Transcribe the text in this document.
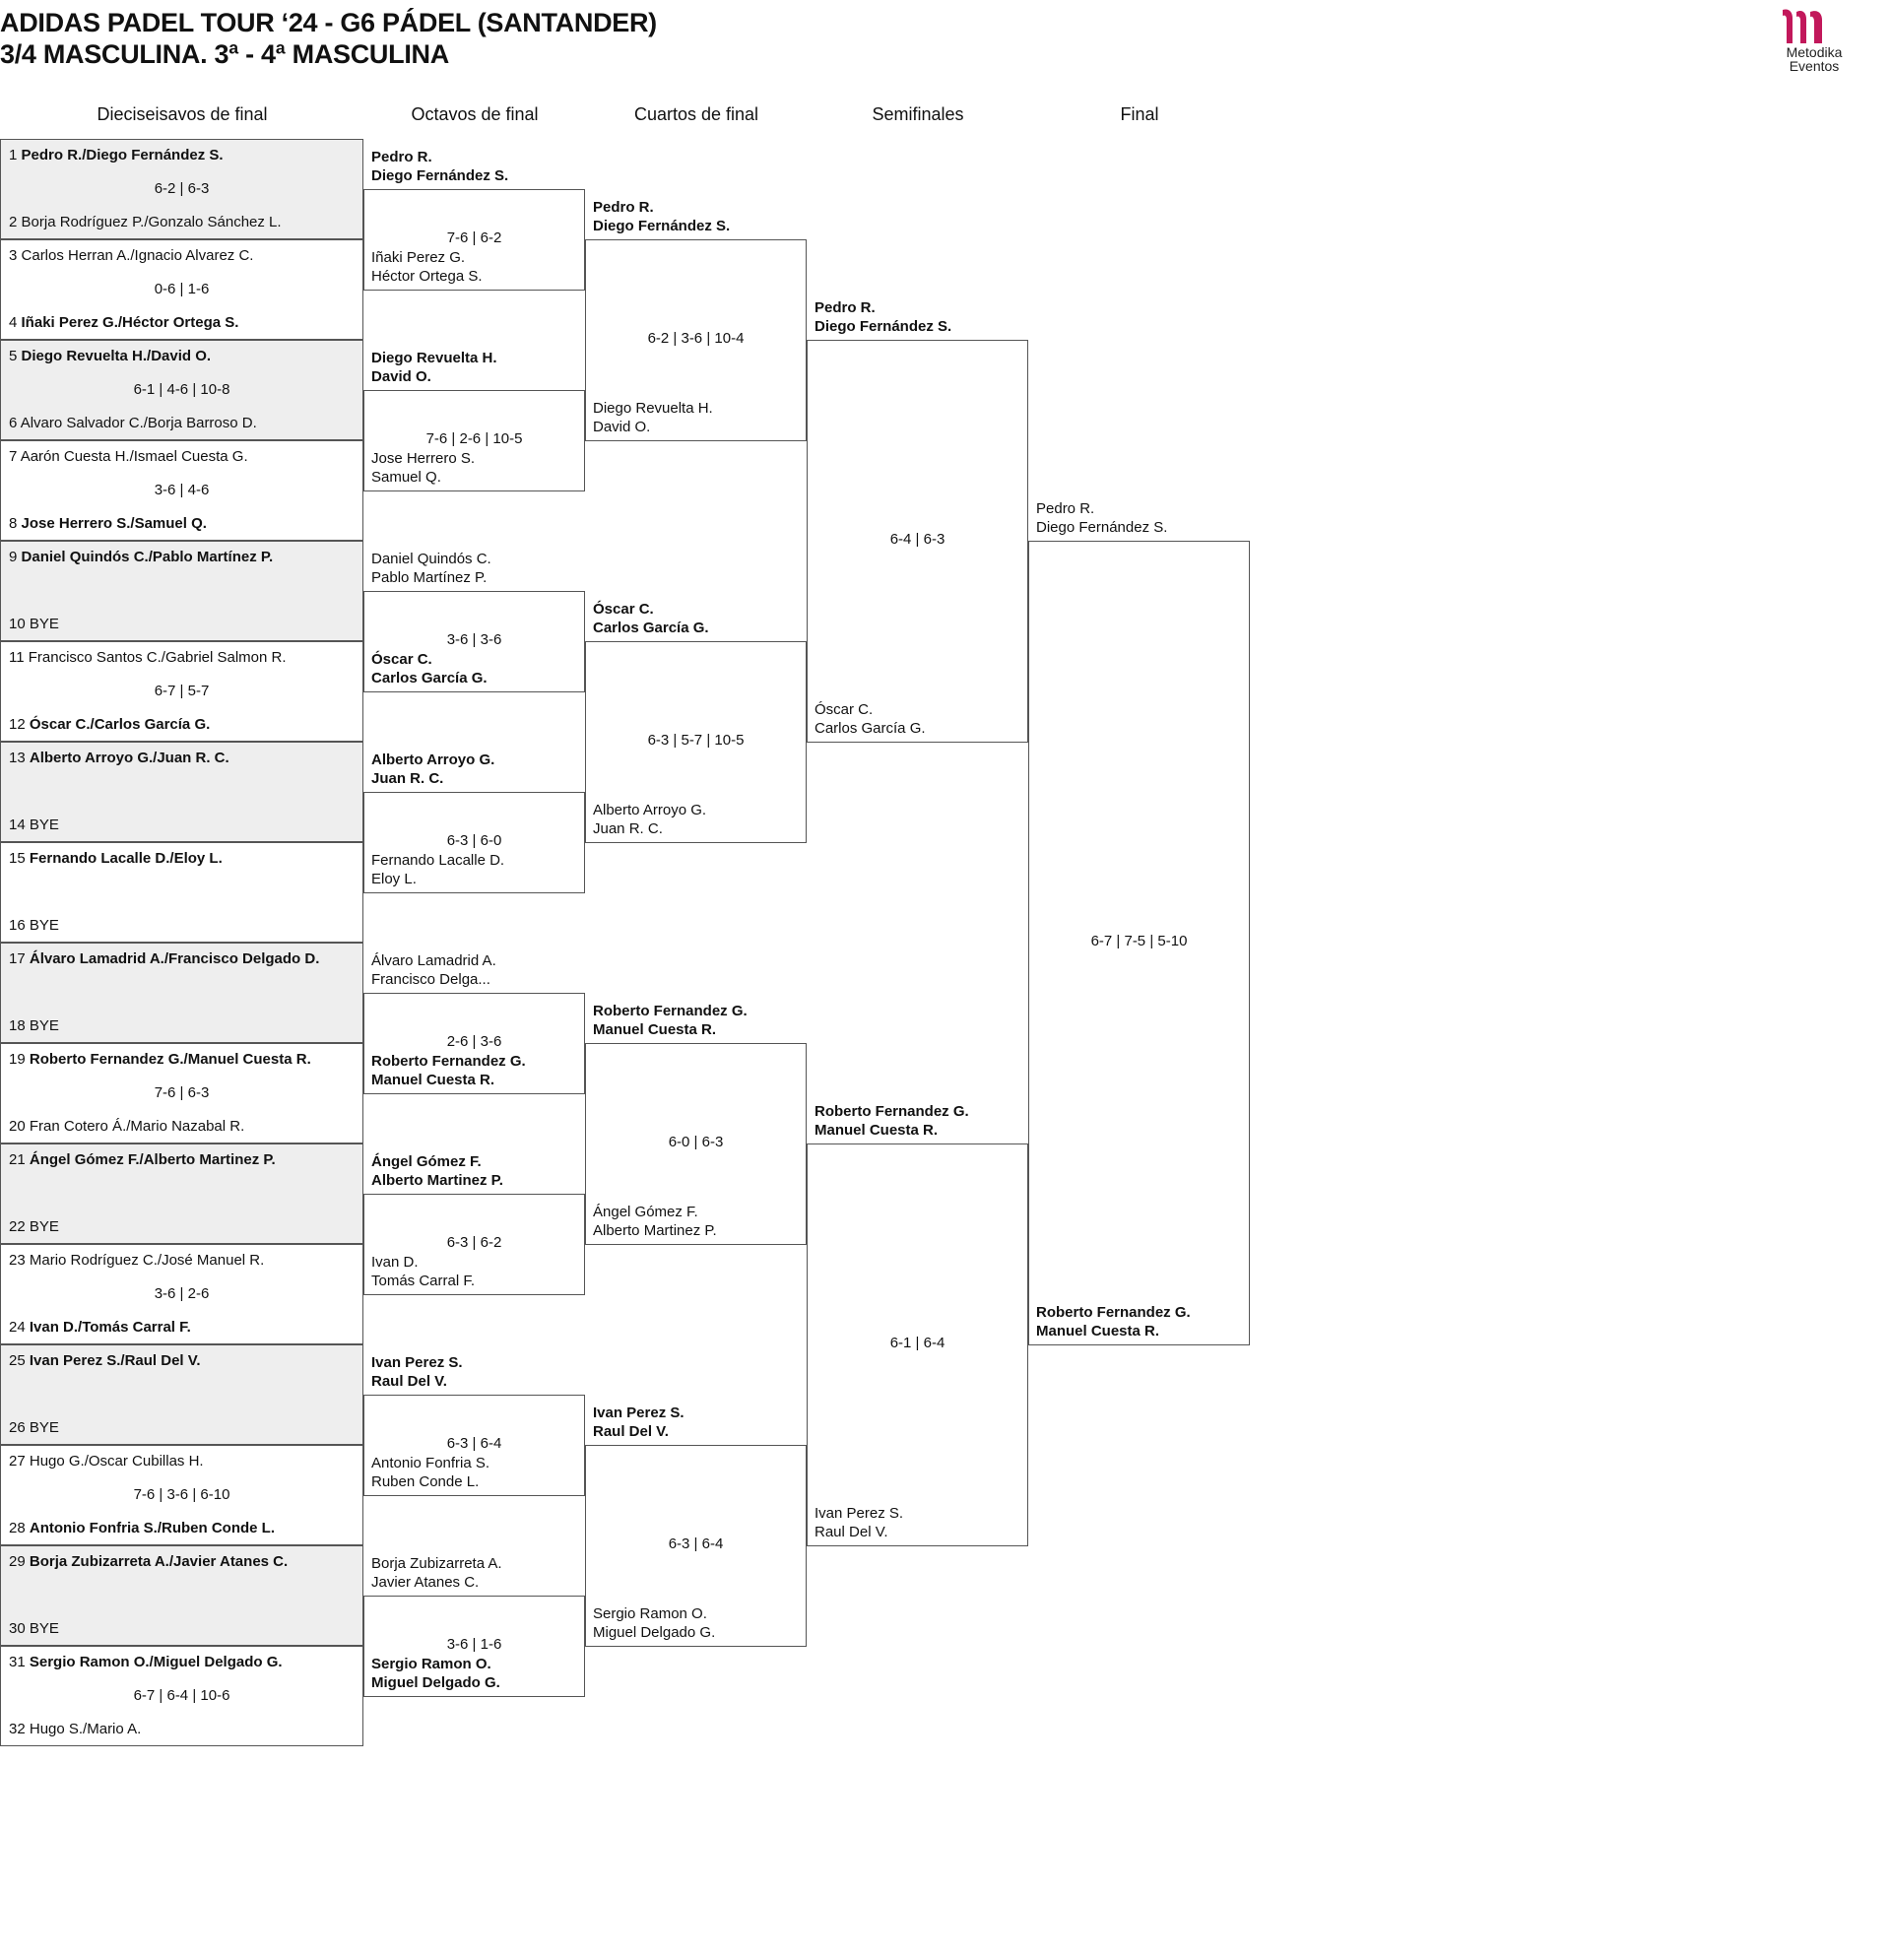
ADIDAS PADEL TOUR ‘24 - G6 PÁDEL (SANTANDER)
3/4 MASCULINA. 3ª - 4ª MASCULINA	Metodika
Eventos
Dieciseisavos de final	Octavos de final	Cuartos de final	Semifinales	Final
1 Pedro R./Diego Fernández S.
6-2 | 6-3
2 Borja Rodríguez P./Gonzalo Sánchez L.
3 Carlos Herran A./Ignacio Alvarez C.
0-6 | 1-6
4 Iñaki Perez G./Héctor Ortega S.
5 Diego Revuelta H./David O.
6-1 | 4-6 | 10-8
6 Alvaro Salvador C./Borja Barroso D.
7 Aarón Cuesta H./Ismael Cuesta G.
3-6 | 4-6
8 Jose Herrero S./Samuel Q.
9 Daniel Quindós C./Pablo Martínez P.
10 BYE
11 Francisco Santos C./Gabriel Salmon R.
6-7 | 5-7
12 Óscar C./Carlos García G.
13 Alberto Arroyo G./Juan R. C.
14 BYE
15 Fernando Lacalle D./Eloy L.
16 BYE
17 Álvaro Lamadrid A./Francisco Delgado D.
18 BYE
19 Roberto Fernandez G./Manuel Cuesta R.
7-6 | 6-3
20 Fran Cotero Á./Mario Nazabal R.
21 Ángel Gómez F./Alberto Martinez P.
22 BYE
23 Mario Rodríguez C./José Manuel R.
3-6 | 2-6
24 Ivan D./Tomás Carral F.
25 Ivan Perez S./Raul Del V.
26 BYE
27 Hugo G./Oscar Cubillas H.
7-6 | 3-6 | 6-10
28 Antonio Fonfria S./Ruben Conde L.
29 Borja Zubizarreta A./Javier Atanes C.
30 BYE
31 Sergio Ramon O./Miguel Delgado G.
6-7 | 6-4 | 10-6
32 Hugo S./Mario A.
Pedro R.
Diego Fernández S.
Iñaki Perez G.
Héctor Ortega S.
7-6 | 6-2
Diego Revuelta H.
David O.
Jose Herrero S.
Samuel Q.
7-6 | 2-6 | 10-5
Daniel Quindós C.
Pablo Martínez P.
Óscar C.
Carlos García G.
3-6 | 3-6
Alberto Arroyo G.
Juan R. C.
Fernando Lacalle D.
Eloy L.
6-3 | 6-0
Álvaro Lamadrid A.
Francisco Delga...
Roberto Fernandez G.
Manuel Cuesta R.
2-6 | 3-6
Ángel Gómez F.
Alberto Martinez P.
Ivan D.
Tomás Carral F.
6-3 | 6-2
Ivan Perez S.
Raul Del V.
Antonio Fonfria S.
Ruben Conde L.
6-3 | 6-4
Borja Zubizarreta A.
Javier Atanes C.
Sergio Ramon O.
Miguel Delgado G.
3-6 | 1-6
Pedro R.
Diego Fernández S.
Diego Revuelta H.
David O.
6-2 | 3-6 | 10-4
Óscar C.
Carlos García G.
Alberto Arroyo G.
Juan R. C.
6-3 | 5-7 | 10-5
Roberto Fernandez G.
Manuel Cuesta R.
Ángel Gómez F.
Alberto Martinez P.
6-0 | 6-3
Ivan Perez S.
Raul Del V.
Sergio Ramon O.
Miguel Delgado G.
6-3 | 6-4
Pedro R.
Diego Fernández S.
Óscar C.
Carlos García G.
6-4 | 6-3
Roberto Fernandez G.
Manuel Cuesta R.
Ivan Perez S.
Raul Del V.
6-1 | 6-4
Pedro R.
Diego Fernández S.
Roberto Fernandez G.
Manuel Cuesta R.
6-7 | 7-5 | 5-10
